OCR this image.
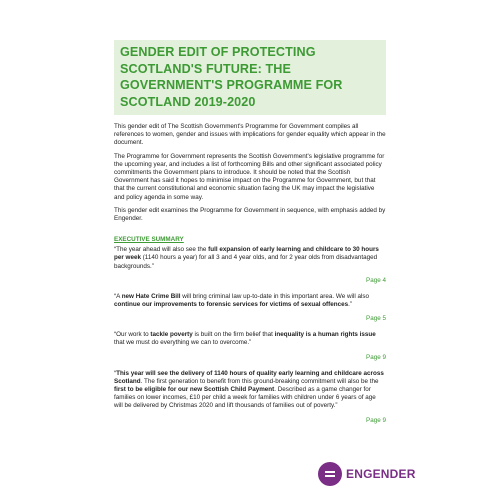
GENDER EDIT OF PROTECTING SCOTLAND'S FUTURE: THE GOVERNMENT'S PROGRAMME FOR SCOTLAND 2019-2020

This gender edit of The Scottish Government's Programme for Government compiles all references to women, gender and issues with implications for gender equality which appear in the document.

The Programme for Government represents the Scottish Government's legislative programme for the upcoming year, and includes a list of forthcoming Bills and other significant associated policy commitments the Government plans to introduce. It should be noted that the Scottish Government has said it hopes to minimise impact on the Programme for Government, but that that the current constitutional and economic situation facing the UK may impact the legislative and policy agenda in some way.

This gender edit examines the Programme for Government in sequence, with emphasis added by Engender.

EXECUTIVE SUMMARY

“The year ahead will also see the full expansion of early learning and childcare to 30 hours per week (1140 hours a year) for all 3 and 4 year olds, and for 2 year olds from disadvantaged backgrounds.”

Page 4

“A new Hate Crime Bill will bring criminal law up-to-date in this important area. We will also continue our improvements to forensic services for victims of sexual offences.”

Page 5

“Our work to tackle poverty is built on the firm belief that inequality is a human rights issue that we must do everything we can to overcome.”

Page 9

“This year will see the delivery of 1140 hours of quality early learning and childcare across Scotland. The first generation to benefit from this ground-breaking commitment will also be the first to be eligible for our new Scottish Child Payment. Described as a game changer for families on lower incomes, £10 per child a week for families with children under 6 years of age will be delivered by Christmas 2020 and lift thousands of families out of poverty.”

Page 9
ENGENDER
